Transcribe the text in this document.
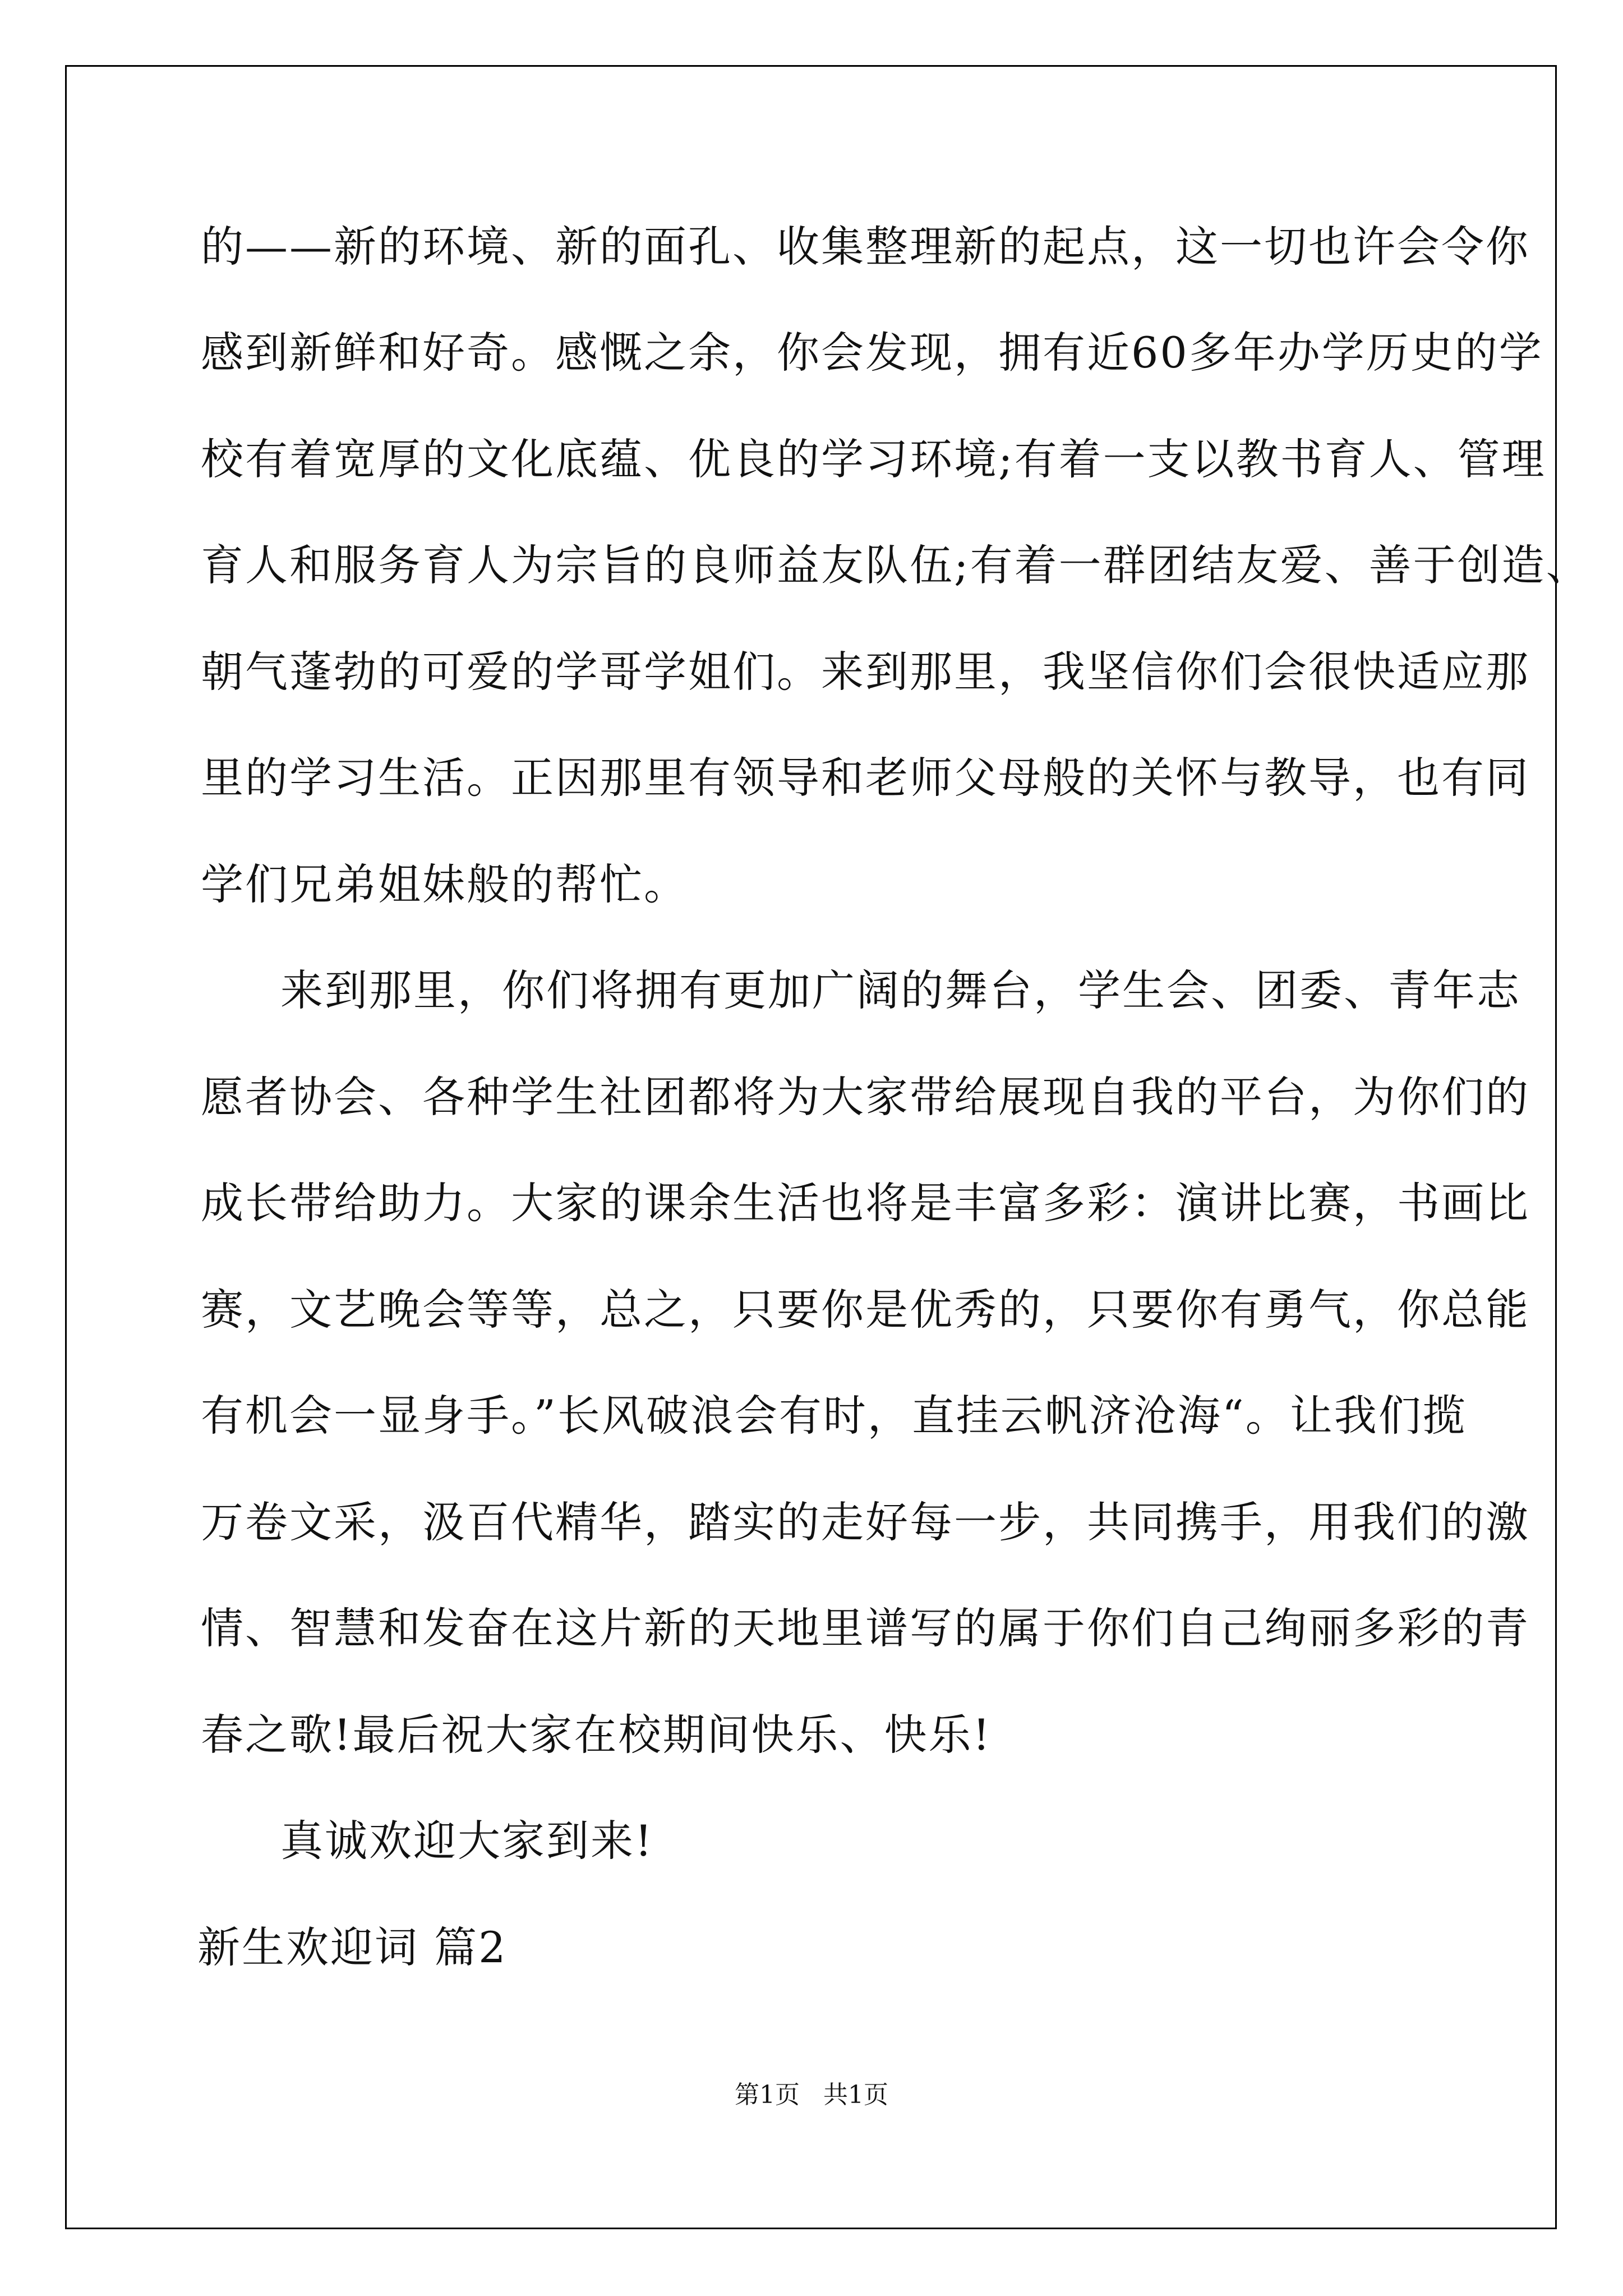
的——新的环境、新的面孔、收集整理新的起点，这一切也许会令你
感到新鲜和好奇。感慨之余，你会发现，拥有近60多年办学历史的学
校有着宽厚的文化底蕴、优良的学习环境;有着一支以教书育人、管理
育人和服务育人为宗旨的良师益友队伍;有着一群团结友爱、善于创造、
朝气蓬勃的可爱的学哥学姐们。来到那里，我坚信你们会很快适应那
里的学习生活。正因那里有领导和老师父母般的关怀与教导，也有同
学们兄弟姐妹般的帮忙。
来到那里，你们将拥有更加广阔的舞台，学生会、团委、青年志
愿者协会、各种学生社团都将为大家带给展现自我的平台，为你们的
成长带给助力。大家的课余生活也将是丰富多彩：演讲比赛，书画比
赛，文艺晚会等等，总之，只要你是优秀的，只要你有勇气，你总能
有机会一显身手。”长风破浪会有时，直挂云帆济沧海“。让我们揽
万卷文采，汲百代精华，踏实的走好每一步，共同携手，用我们的激
情、智慧和发奋在这片新的天地里谱写的属于你们自己绚丽多彩的青
春之歌!最后祝大家在校期间快乐、快乐!
真诚欢迎大家到来!
新生欢迎词 篇2
第1页   共1页
